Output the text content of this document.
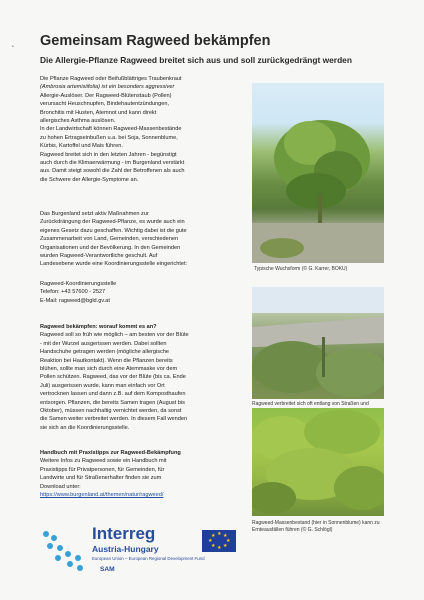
• Gemeinsam Ragweed bekämpfen
Die Allergie-Pflanze Ragweed breitet sich aus und soll zurückgedrängt werden

Die Pflanze Ragweed oder Beifußblättriges Traubenkraut

(Ambrosia artemisiifolia) ist ein besonders aggressiver

Allergie-Auslöser. Der Ragweed-Blütenstaub (Pollen)

verursacht Heuschnupfen, Bindehautentzündungen,

Bronchitis mit Husten, Atemnot und kann direkt

allergisches Asthma auslösen.

In der Landwirtschaft können Ragweed-Massenbestände

zu hohen Ertragseinbußen u.a. bei Soja, Sonnenblume,

Kürbis, Kartoffel und Mais führen.

Ragweed breitet sich in den letzten Jahren - begünstigt

auch durch die Klimaerwärmung - im Burgenland verstärkt

aus. Damit steigt sowohl die Zahl der Betroffenen als auch

die Schwere der Allergie-Symptome an.

Das Burgenland setzt aktiv Maßnahmen zur

Zurückdrängung der Ragweed-Pflanze, es wurde auch ein

eigenes Gesetz dazu geschaffen. Wichtig dabei ist die gute

Zusammenarbeit von Land, Gemeinden, verschiedenen

Organisationen und der Bevölkerung. In den Gemeinden

wurden Ragweed-Verantwortliche geschult. Auf

Landesebene wurde eine Koordinierungsstelle eingerichtet:

Ragweed-Koordinierungsstelle

Telefon: +43 57600 - 2527

E-Mail: ragweed@bgld.gv.at

Ragweed bekämpfen: worauf kommt es an?

Ragweed soll so früh wie möglich – am besten vor der Blüte

- mit der Wurzel ausgerissen werden. Dabei sollten

Handschuhe getragen werden (mögliche allergische

Reaktion bei Hautkontakt). Wenn die Pflanzen bereits

blühen, sollte man sich durch eine Atemmaske vor dem

Pollen schützen. Ragweed, das vor der Blüte (bis ca. Ende

Juli) ausgerissen wurde, kann man einfach vor Ort

vertrocknen lassen und dann z.B. auf dem Komposthaufen

entsorgen. Pflanzen, die bereits Samen tragen (August bis

Oktober), müssen nachhaltig vernichtet werden, da sonst

die Samen weiter verbreitet werden. In diesem Fall wenden

sie sich an die Koordinierungsstelle.

Handbuch mit Praxistipps zur Ragweed-Bekämpfung

Weitere Infos zu Ragweed sowie ein Handbuch mit

Praxistipps für Privatpersonen, für Gemeinden, für

Landwirte und für Straßenerhalter finden sie zum

Download unter:

https://www.burgenland.at/themen/natur/ragweed/

Typische Wuchsform (© G. Karrer, BOKU)
Ragweed verbreitet sich oft entlang von Straßen und
Ragweed-Massenbestand (hier in Sonnenblume) kann zu Ernteausfällen führen (© G. Schlögl)
Interreg
Austria-Hungary
European Union – European Regional Development Fund
SAM
★ ★
★
★
★
★
★
★
